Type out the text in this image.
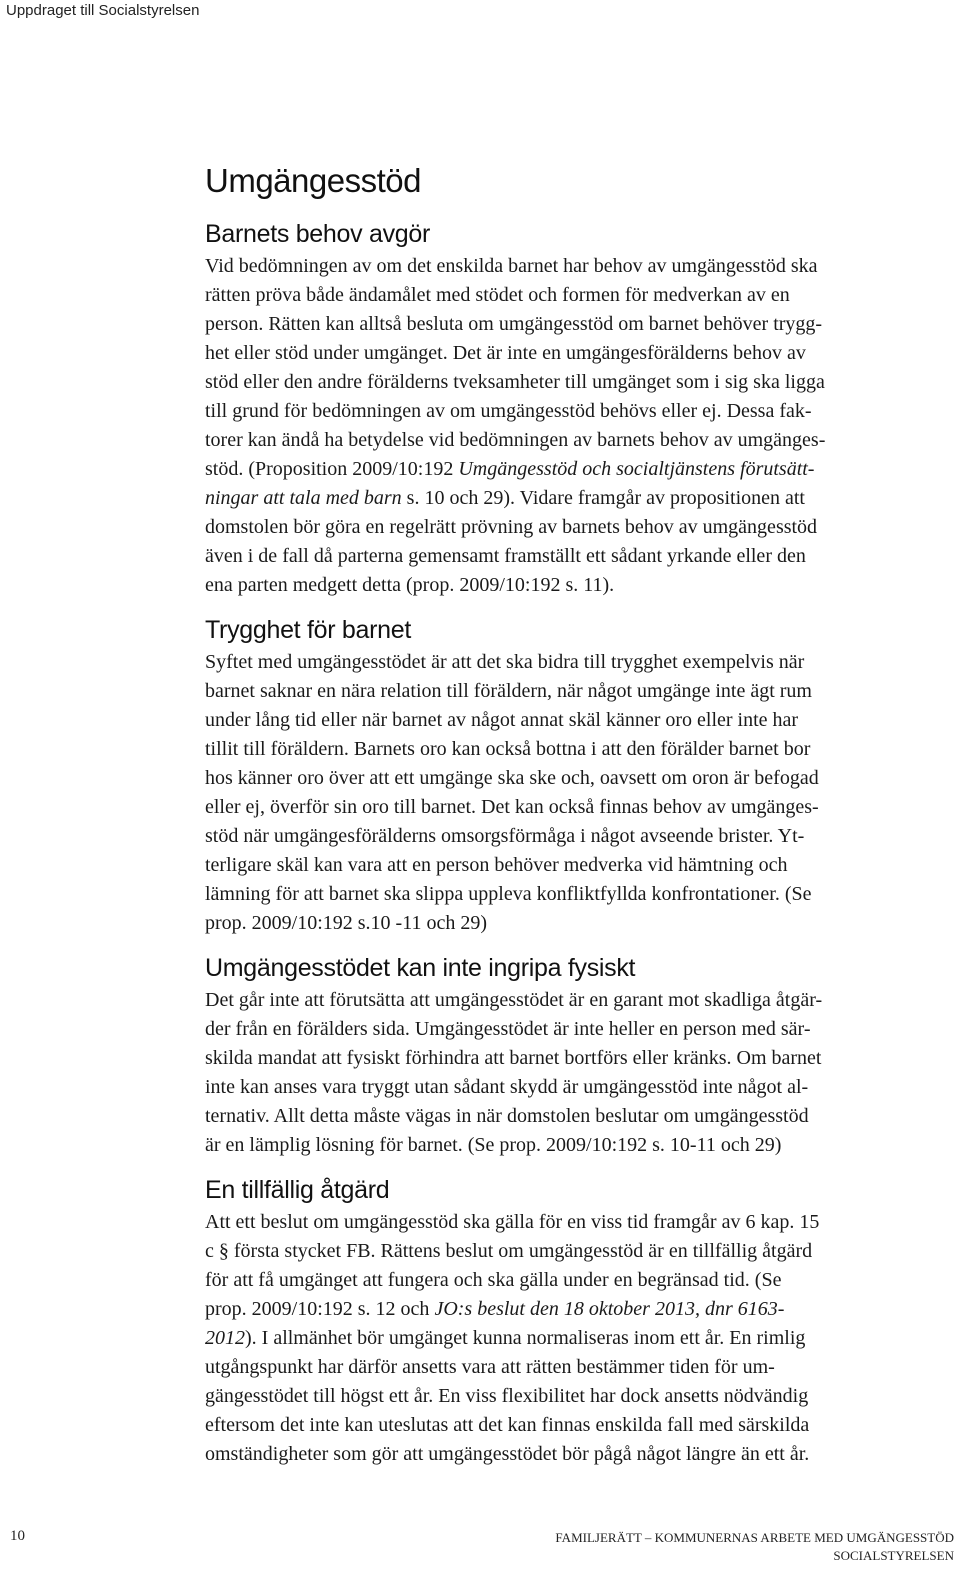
Uppdraget till Socialstyrelsen
Umgängesstöd
Barnets behov avgör

Vid bedömningen av om det enskilda barnet har behov av umgängesstöd ska
rätten pröva både ändamålet med stödet och formen för medverkan av en
person. Rätten kan alltså besluta om umgängesstöd om barnet behöver trygg-
het eller stöd under umgänget. Det är inte en umgängesförälderns behov av
stöd eller den andre förälderns tveksamheter till umgänget som i sig ska ligga
till grund för bedömningen av om umgängesstöd behövs eller ej. Dessa fak-
torer kan ändå ha betydelse vid bedömningen av barnets behov av umgänges-
stöd. (Proposition 2009/10:192 Umgängesstöd och socialtjänstens förutsätt-
ningar att tala med barn s. 10 och 29). Vidare framgår av propositionen att
domstolen bör göra en regelrätt prövning av barnets behov av umgängesstöd
även i de fall då parterna gemensamt framställt ett sådant yrkande eller den
ena parten medgett detta (prop. 2009/10:192 s. 11).

Trygghet för barnet

Syftet med umgängesstödet är att det ska bidra till trygghet exempelvis när
barnet saknar en nära relation till föräldern, när något umgänge inte ägt rum
under lång tid eller när barnet av något annat skäl känner oro eller inte har
tillit till föräldern. Barnets oro kan också bottna i att den förälder barnet bor
hos känner oro över att ett umgänge ska ske och, oavsett om oron är befogad
eller ej, överför sin oro till barnet. Det kan också finnas behov av umgänges-
stöd när umgängesförälderns omsorgsförmåga i något avseende brister. Yt-
terligare skäl kan vara att en person behöver medverka vid hämtning och
lämning för att barnet ska slippa uppleva konfliktfyllda konfrontationer. (Se
prop. 2009/10:192 s.10 -11 och 29)

Umgängesstödet kan inte ingripa fysiskt

Det går inte att förutsätta att umgängesstödet är en garant mot skadliga åtgär-
der från en förälders sida. Umgängesstödet är inte heller en person med sär-
skilda mandat att fysiskt förhindra att barnet bortförs eller kränks. Om barnet
inte kan anses vara tryggt utan sådant skydd är umgängesstöd inte något al-
ternativ. Allt detta måste vägas in när domstolen beslutar om umgängesstöd
är en lämplig lösning för barnet. (Se prop. 2009/10:192 s. 10-11 och 29)

En tillfällig åtgärd

Att ett beslut om umgängesstöd ska gälla för en viss tid framgår av 6 kap. 15
c § första stycket FB. Rättens beslut om umgängesstöd är en tillfällig åtgärd
för att få umgänget att fungera och ska gälla under en begränsad tid. (Se
prop. 2009/10:192 s. 12 och JO:s beslut den 18 oktober 2013, dnr 6163-
2012). I allmänhet bör umgänget kunna normaliseras inom ett år. En rimlig
utgångspunkt har därför ansetts vara att rätten bestämmer tiden för um-
gängesstödet till högst ett år. En viss flexibilitet har dock ansetts nödvändig
eftersom det inte kan uteslutas att det kan finnas enskilda fall med särskilda
omständigheter som gör att umgängesstödet bör pågå något längre än ett år.

10	FAMILJERÄTT – KOMMUNERNAS ARBETE MED UMGÄNGESSTÖD
SOCIALSTYRELSEN
